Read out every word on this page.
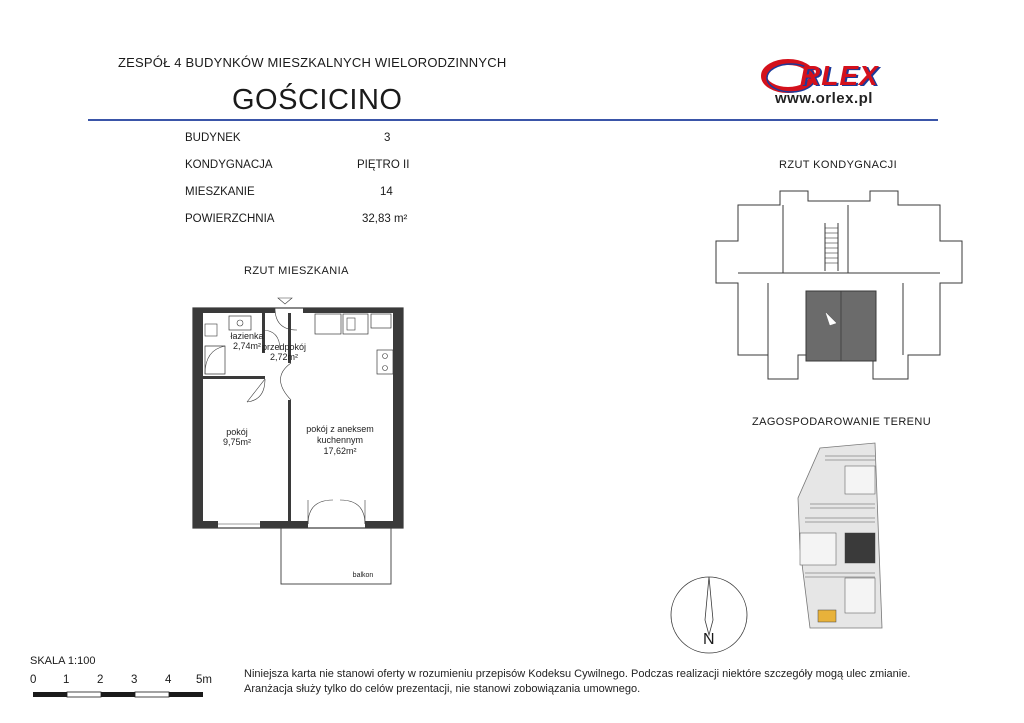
ZESPÓŁ 4 BUDYNKÓW MIESZKALNYCH WIELORODZINNYCH
GOŚCICINO
RLEX
www.orlex.pl
BUDYNEK	3
KONDYGNACJA	PIĘTRO II
MIESZKANIE	14
POWIERZCHNIA	32,83 m²
RZUT MIESZKANIA
RZUT KONDYGNACJI
ZAGOSPODAROWANIE TERENU
łazienka
2,74m² przedpokój
2,72m²
pokój
9,75m²
pokój z aneksem
kuchennym
17,62m²
balkon
N
SKALA 1:100
0 1 2 3 4 5m	Niniejsza karta nie stanowi oferty w rozumieniu przepisów Kodeksu Cywilnego. Podczas realizacji niektóre szczegóły mogą ulec zmianie.
Aranżacja służy tylko do celów prezentacji, nie stanowi zobowiązania umownego.
